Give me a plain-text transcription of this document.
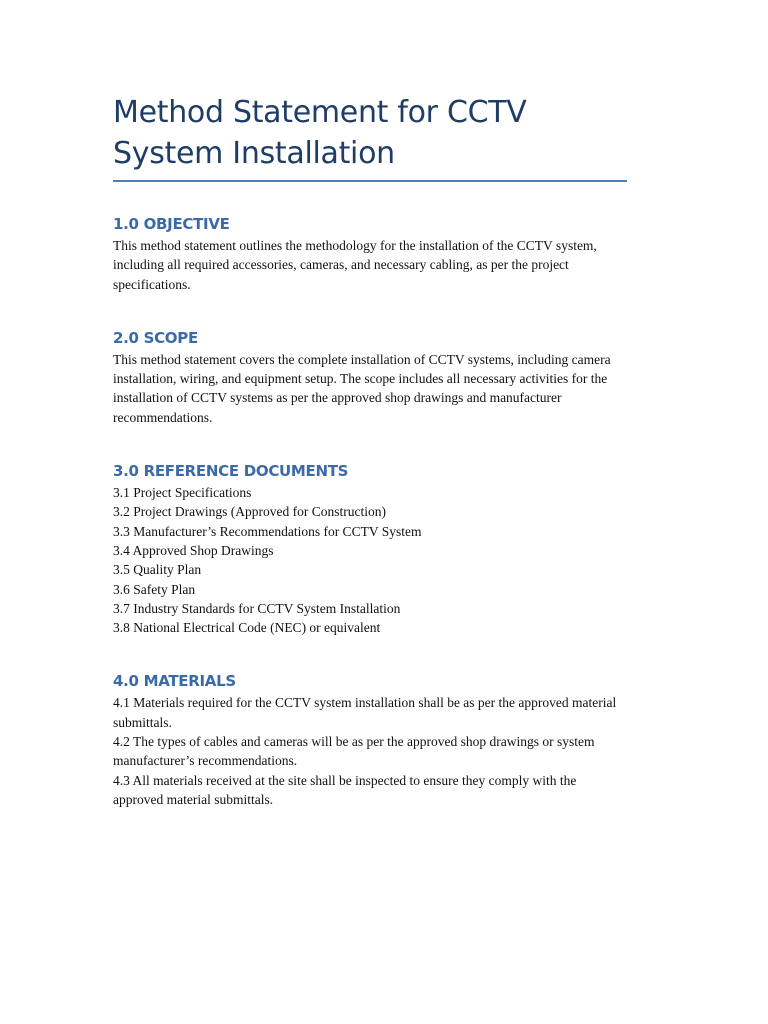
Method Statement for CCTV System Installation
1.0 OBJECTIVE

This method statement outlines the methodology for the installation of the CCTV system, including all required accessories, cameras, and necessary cabling, as per the project specifications.

2.0 SCOPE

This method statement covers the complete installation of CCTV systems, including camera installation, wiring, and equipment setup. The scope includes all necessary activities for the installation of CCTV systems as per the approved shop drawings and manufacturer recommendations.

3.0 REFERENCE DOCUMENTS
3.1 Project Specifications
3.2 Project Drawings (Approved for Construction)
3.3 Manufacturer’s Recommendations for CCTV System
3.4 Approved Shop Drawings
3.5 Quality Plan
3.6 Safety Plan
3.7 Industry Standards for CCTV System Installation
3.8 National Electrical Code (NEC) or equivalent
4.0 MATERIALS
4.1 Materials required for the CCTV system installation shall be as per the approved material submittals.
4.2 The types of cables and cameras will be as per the approved shop drawings or system manufacturer’s recommendations.
4.3 All materials received at the site shall be inspected to ensure they comply with the approved material submittals.
